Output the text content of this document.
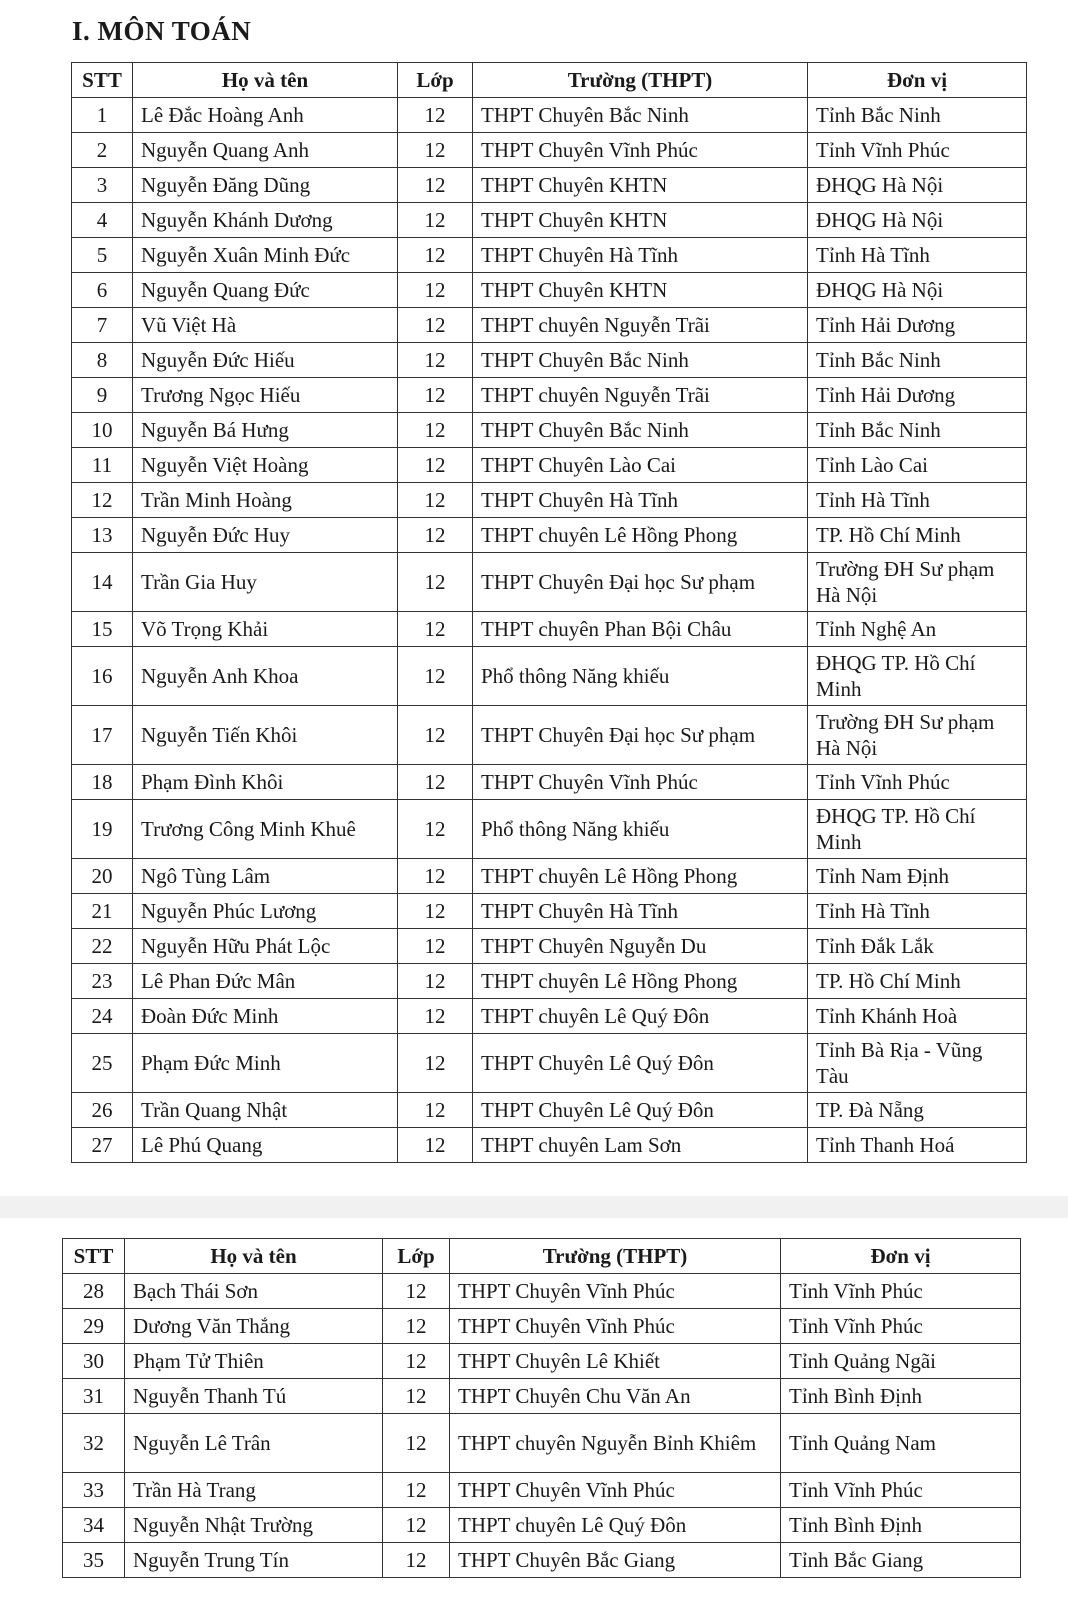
I. MÔN TOÁN
STT	Họ và tên	Lớp	Trường (THPT)	Đơn vị
1	Lê Đắc Hoàng Anh	12	THPT Chuyên Bắc Ninh	Tỉnh Bắc Ninh
2	Nguyễn Quang Anh	12	THPT Chuyên Vĩnh Phúc	Tỉnh Vĩnh Phúc
3	Nguyễn Đăng Dũng	12	THPT Chuyên KHTN	ĐHQG Hà Nội
4	Nguyễn Khánh Dương	12	THPT Chuyên KHTN	ĐHQG Hà Nội
5	Nguyễn Xuân Minh Đức	12	THPT Chuyên Hà Tĩnh	Tỉnh Hà Tĩnh
6	Nguyễn Quang Đức	12	THPT Chuyên KHTN	ĐHQG Hà Nội
7	Vũ Việt Hà	12	THPT chuyên Nguyễn Trãi	Tỉnh Hải Dương
8	Nguyễn Đức Hiếu	12	THPT Chuyên Bắc Ninh	Tỉnh Bắc Ninh
9	Trương Ngọc Hiếu	12	THPT chuyên Nguyễn Trãi	Tỉnh Hải Dương
10	Nguyễn Bá Hưng	12	THPT Chuyên Bắc Ninh	Tỉnh Bắc Ninh
11	Nguyễn Việt Hoàng	12	THPT Chuyên Lào Cai	Tỉnh Lào Cai
12	Trần Minh Hoàng	12	THPT Chuyên Hà Tĩnh	Tỉnh Hà Tĩnh
13	Nguyễn Đức Huy	12	THPT chuyên Lê Hồng Phong	TP. Hồ Chí Minh
14	Trần Gia Huy	12	THPT Chuyên Đại học Sư phạm	Trường ĐH Sư phạm Hà Nội
15	Võ Trọng Khải	12	THPT chuyên Phan Bội Châu	Tỉnh Nghệ An
16	Nguyễn Anh Khoa	12	Phổ thông Năng khiếu	ĐHQG TP. Hồ Chí Minh
17	Nguyễn Tiến Khôi	12	THPT Chuyên Đại học Sư phạm	Trường ĐH Sư phạm Hà Nội
18	Phạm Đình Khôi	12	THPT Chuyên Vĩnh Phúc	Tỉnh Vĩnh Phúc
19	Trương Công Minh Khuê	12	Phổ thông Năng khiếu	ĐHQG TP. Hồ Chí Minh
20	Ngô Tùng Lâm	12	THPT chuyên Lê Hồng Phong	Tỉnh Nam Định
21	Nguyễn Phúc Lương	12	THPT Chuyên Hà Tĩnh	Tỉnh Hà Tĩnh
22	Nguyễn Hữu Phát Lộc	12	THPT Chuyên Nguyễn Du	Tỉnh Đắk Lắk
23	Lê Phan Đức Mân	12	THPT chuyên Lê Hồng Phong	TP. Hồ Chí Minh
24	Đoàn Đức Minh	12	THPT chuyên Lê Quý Đôn	Tỉnh Khánh Hoà
25	Phạm Đức Minh	12	THPT Chuyên Lê Quý Đôn	Tỉnh Bà Rịa - Vũng Tàu
26	Trần Quang Nhật	12	THPT Chuyên Lê Quý Đôn	TP. Đà Nẵng
27	Lê Phú Quang	12	THPT chuyên Lam Sơn	Tỉnh Thanh Hoá
STT	Họ và tên	Lớp	Trường (THPT)	Đơn vị
28	Bạch Thái Sơn	12	THPT Chuyên Vĩnh Phúc	Tỉnh Vĩnh Phúc
29	Dương Văn Thắng	12	THPT Chuyên Vĩnh Phúc	Tỉnh Vĩnh Phúc
30	Phạm Tử Thiên	12	THPT Chuyên Lê Khiết	Tỉnh Quảng Ngãi
31	Nguyễn Thanh Tú	12	THPT Chuyên Chu Văn An	Tỉnh Bình Định
32	Nguyễn Lê Trân	12	THPT chuyên Nguyễn Bỉnh Khiêm	Tỉnh Quảng Nam
33	Trần Hà Trang	12	THPT Chuyên Vĩnh Phúc	Tỉnh Vĩnh Phúc
34	Nguyễn Nhật Trường	12	THPT chuyên Lê Quý Đôn	Tỉnh Bình Định
35	Nguyễn Trung Tín	12	THPT Chuyên Bắc Giang	Tỉnh Bắc Giang
